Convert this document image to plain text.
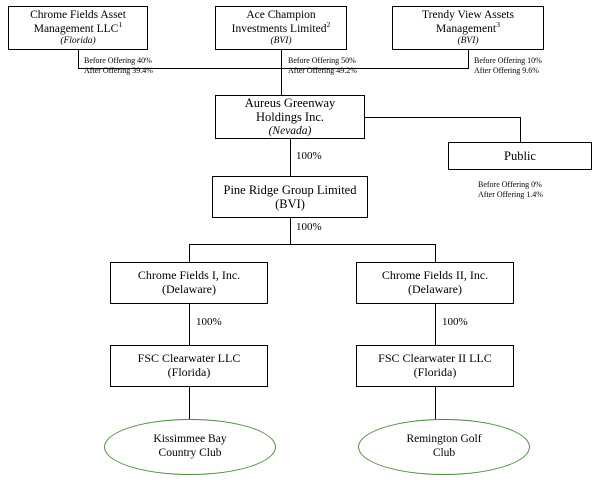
Chrome Fields Asset
Management LLC$^1$
(Florida)
Ace Champion
Investments Limited$^2$
(BVI)
Trendy View Assets
Management$^3$
(BVI)
Before Offering 40%
After Offering 39.4%
Before Offering 50%
After Offering 49.2%
Before Offering 10%
After Offering 9.6%
Aureus Greenway
Holdings Inc.
(Nevada)
Public
Before Offering 0%
After Offering 1.4%
100%
Pine Ridge Group Limited
(BVI)
100%
Chrome Fields I, Inc.
(Delaware)
Chrome Fields II, Inc.
(Delaware)
100%	100%
FSC Clearwater LLC
(Florida)
FSC Clearwater II LLC
(Florida)
Kissimmee Bay
Country Club
Remington Golf
Club
